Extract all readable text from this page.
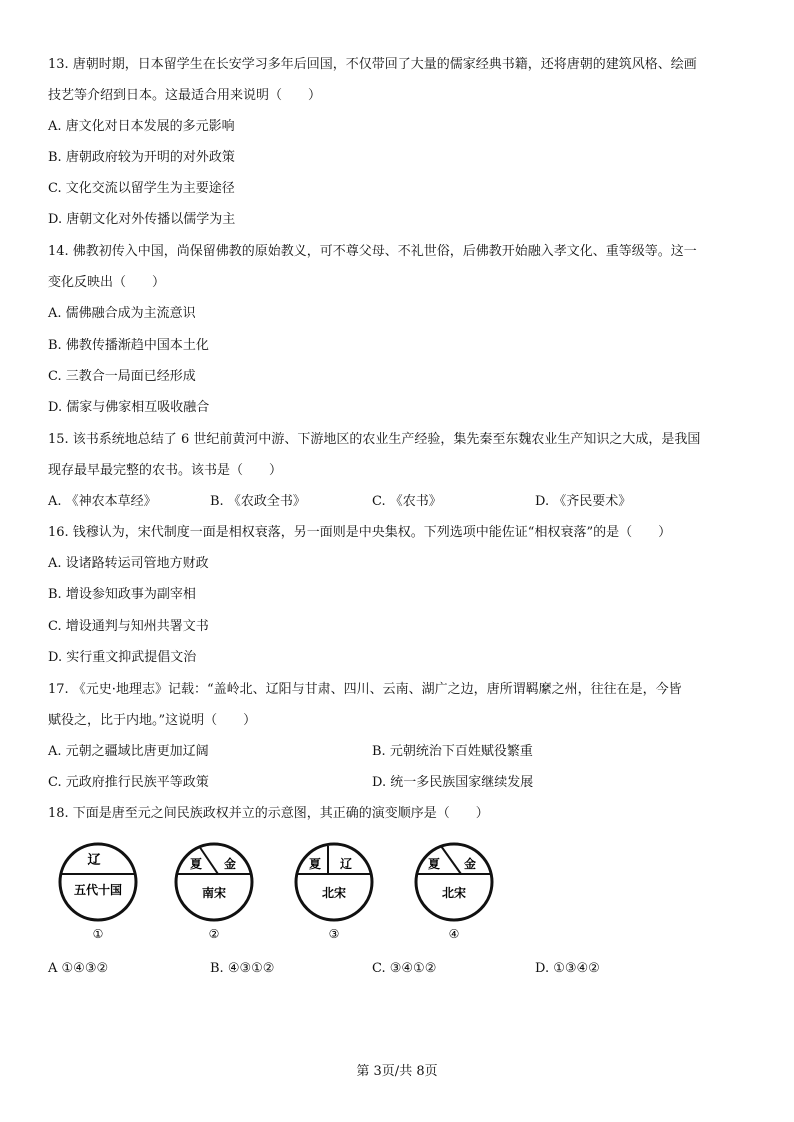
13. 唐朝时期，日本留学生在长安学习多年后回国，不仅带回了大量的儒家经典书籍，还将唐朝的建筑风格、绘画
技艺等介绍到日本。这最适合用来说明（　　）
A. 唐文化对日本发展的多元影响
B. 唐朝政府较为开明的对外政策
C. 文化交流以留学生为主要途径
D. 唐朝文化对外传播以儒学为主
14. 佛教初传入中国，尚保留佛教的原始教义，可不尊父母、不礼世俗，后佛教开始融入孝文化、重等级等。这一
变化反映出（　　）
A. 儒佛融合成为主流意识
B. 佛教传播渐趋中国本土化
C. 三教合一局面已经形成
D. 儒家与佛家相互吸收融合
15. 该书系统地总结了 6 世纪前黄河中游、下游地区的农业生产经验，集先秦至东魏农业生产知识之大成，是我国
现存最早最完整的农书。该书是（　　）
A. 《神农本草经》	B. 《农政全书》	C. 《农书》	D. 《齐民要术》
16. 钱穆认为，宋代制度一面是相权衰落，另一面则是中央集权。下列选项中能佐证“相权衰落”的是（　　）
A. 设诸路转运司管地方财政
B. 增设参知政事为副宰相
C. 增设通判与知州共署文书
D. 实行重文抑武提倡文治
17. 《元史·地理志》记载：“盖岭北、辽阳与甘肃、四川、云南、湖广之边，唐所谓羁縻之州，往往在是，今皆
赋役之，比于内地。”这说明（　　）
A. 元朝之疆域比唐更加辽阔	B. 元朝统治下百姓赋役繁重
C. 元政府推行民族平等政策	D. 统一多民族国家继续发展
18. 下面是唐至元之间民族政权并立的示意图，其正确的演变顺序是（　　）
辽
五代十国
①
夏 金
南宋
②
夏 辽
北宋
③
夏 金
北宋
④
A ①④③②	B. ④③①②	C. ③④①②	D. ①③④②
第 3页/共 8页
